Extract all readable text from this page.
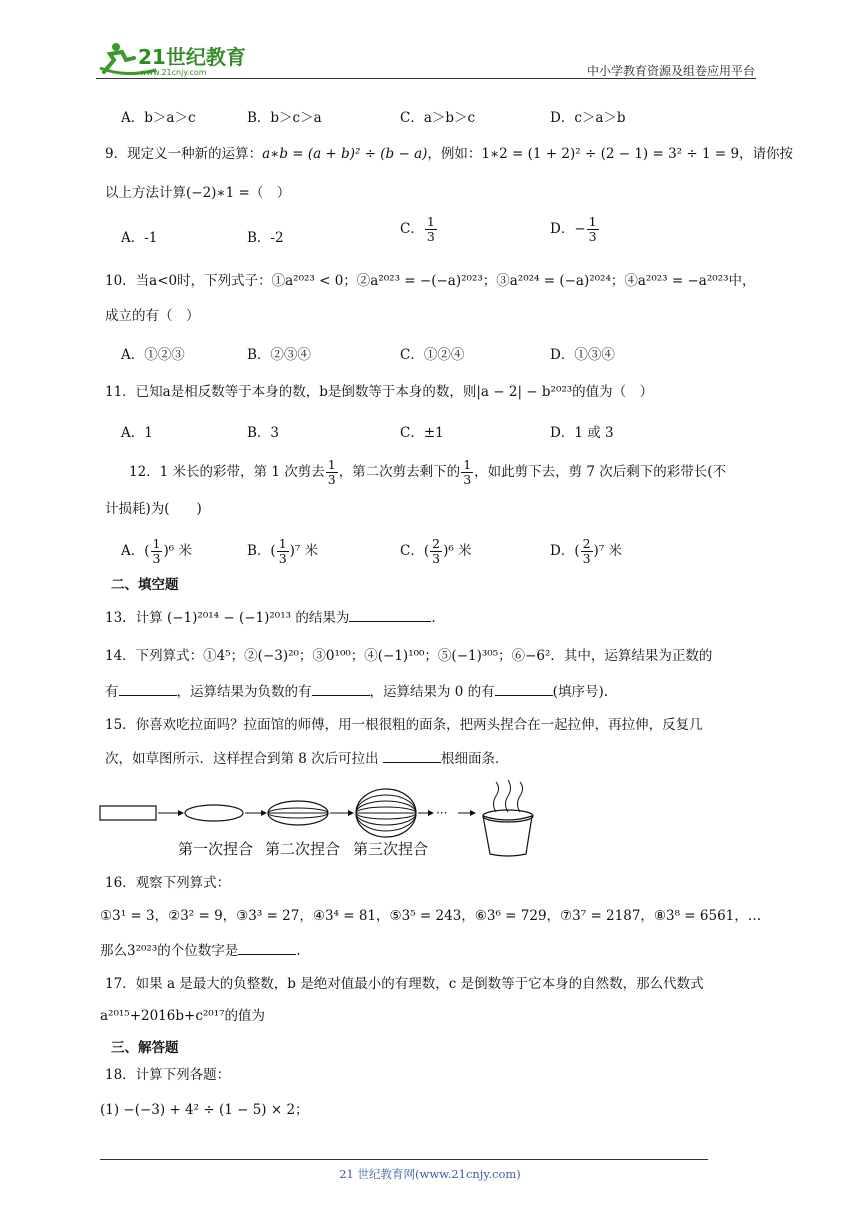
21世纪教育
www.21cnjy.com	中小学教育资源及组卷应用平台
A．b＞a＞c	B．b＞c＞a	C．a＞b＞c	D．c＞a＞b
9．现定义一种新的运算：a∗b = (a + b)² ÷ (b − a)，例如：1∗2 = (1 + 2)² ÷ (2 − 1) = 3² ÷ 1 = 9，请你按
以上方法计算(−2)∗1 =（　）
A．-1	B．-2
C． $\frac{1}{3}$	D．− $\frac{1}{3}$
10．当a<0时，下列式子：①a²⁰²³ < 0；②a²⁰²³ = −(−a)²⁰²³；③a²⁰²⁴ = (−a)²⁰²⁴；④a²⁰²³ = −a²⁰²³中，
成立的有（　）
A．①②③	B．②③④	C．①②④	D．①③④
11．已知a是相反数等于本身的数，b是倒数等于本身的数，则|a − 2| − b²⁰²³的值为（　）
A．1	B．3	C．±1	D．1 或 3
12．1 米长的彩带，第 1 次剪去 $\frac{1}{3}$ ，第二次剪去剩下的 $\frac{1}{3}$ ，如此剪下去，剪 7 次后剩下的彩带长(不
计损耗)为(　　)
A．( $\frac{1}{3} )^6$ 米	B．( $\frac{1}{3} )^7$ 米	C．( $\frac{2}{3} )^6$ 米	D．( $\frac{2}{3} )^7$ 米
二、填空题
13．计算 (−1)²⁰¹⁴ − (−1)²⁰¹³ 的结果为	.
14．下列算式：①4⁵；②(−3)²⁰；③0¹⁰⁰；④(−1)¹⁰⁰；⑤(−1)³⁰⁵；⑥−6²．其中，运算结果为正数的
有	，运算结果为负数的有	，运算结果为 0 的有	(填序号).
15．你喜欢吃拉面吗？拉面馆的师傅，用一根很粗的面条，把两头捏合在一起拉伸，再拉伸，反复几
次，如草图所示．这样捏合到第 8 次后可拉出	根细面条．
···
第一次捏合 第二次捏合 第三次捏合
16．观察下列算式：
①3¹ = 3，②3² = 9，③3³ = 27，④3⁴ = 81，⑤3⁵ = 243，⑥3⁶ = 729，⑦3⁷ = 2187，⑧3⁸ = 6561，…
那么3²⁰²³的个位数字是	.
17．如果 a 是最大的负整数，b 是绝对值最小的有理数，c 是倒数等于它本身的自然数，那么代数式
a²⁰¹⁵+2016b+c²⁰¹⁷的值为
三、解答题
18．计算下列各题：
(1) −(−3) + 4² ÷ (1 − 5) × 2；
21 世纪教育网(www.21cnjy.com)
